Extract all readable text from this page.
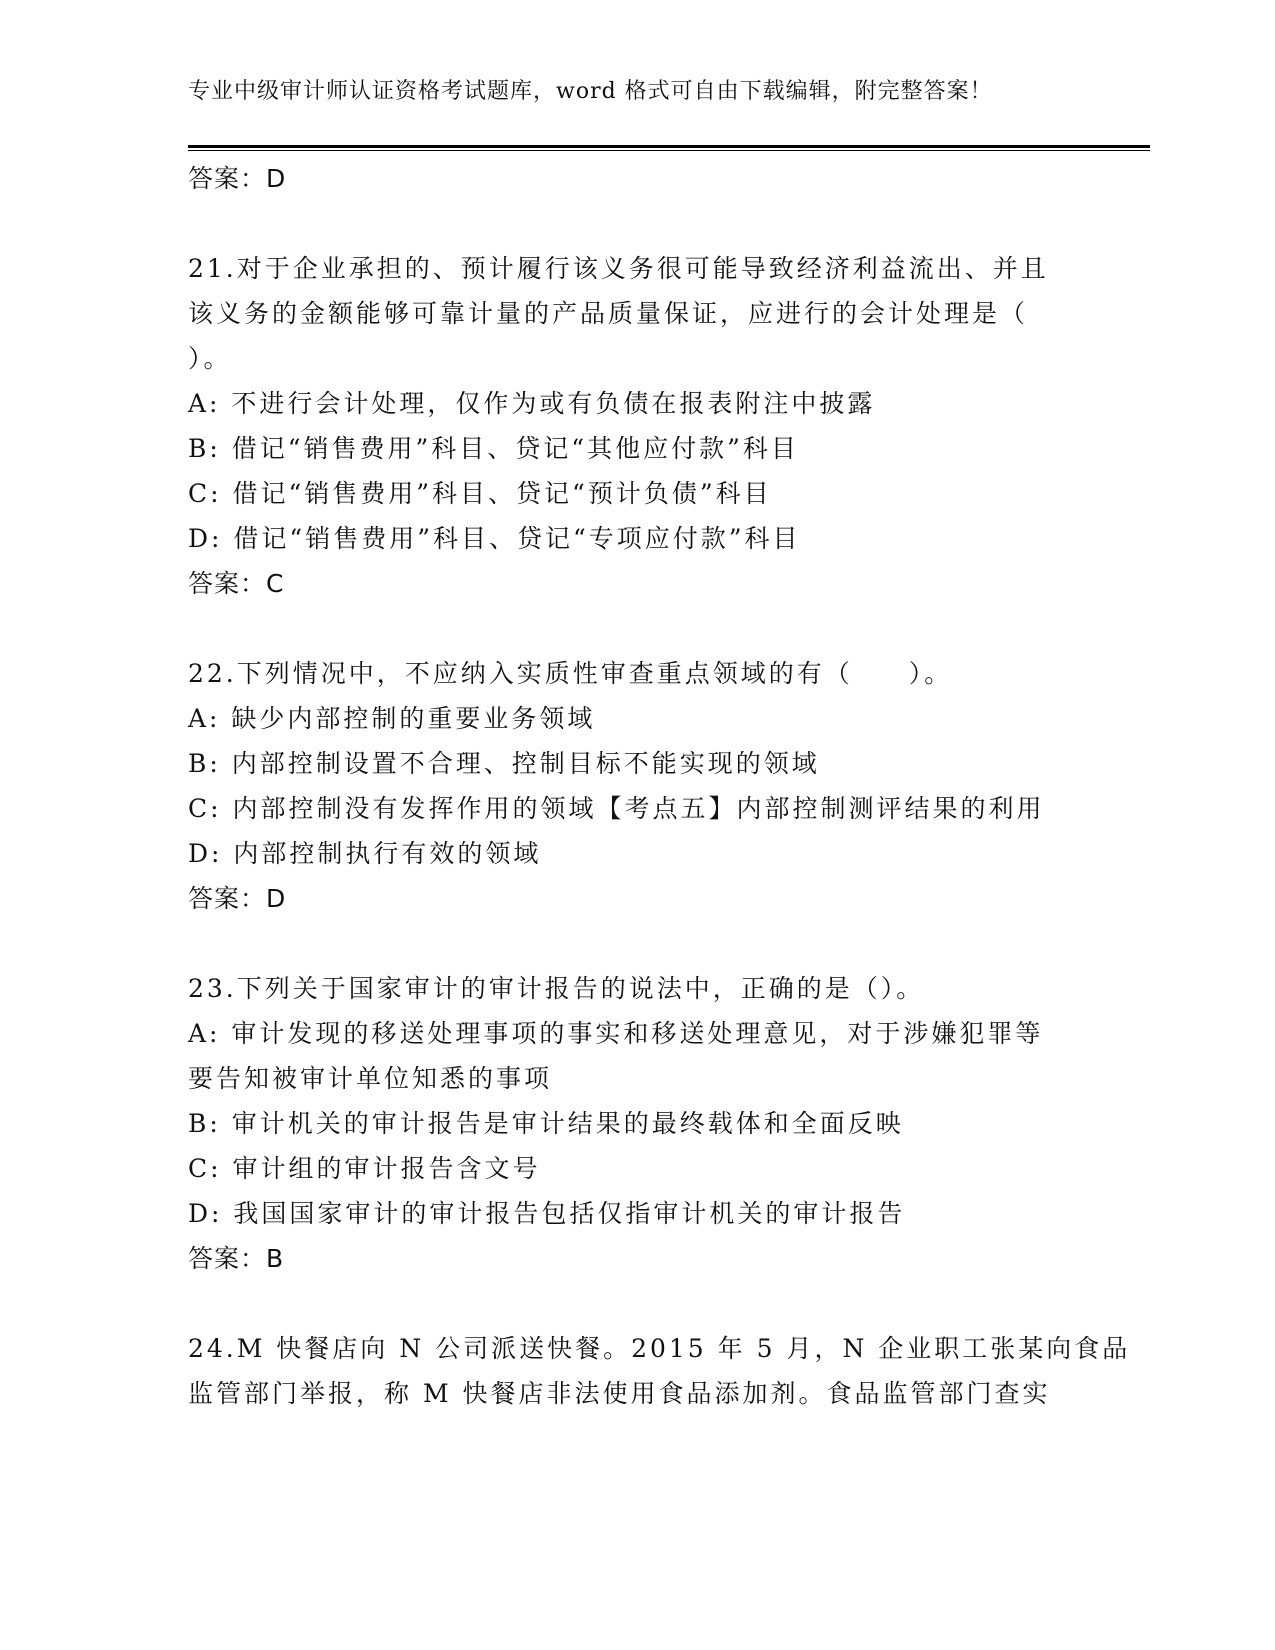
专业中级审计师认证资格考试题库，word 格式可自由下载编辑，附完整答案！
答案：D
21.对于企业承担的、预计履行该义务很可能导致经济利益流出、并且
该义务的金额能够可靠计量的产品质量保证，应进行的会计处理是（
）。
A: 不进行会计处理，仅作为或有负债在报表附注中披露
B: 借记“销售费用”科目、贷记“其他应付款”科目
C: 借记“销售费用”科目、贷记“预计负债”科目
D: 借记“销售费用”科目、贷记“专项应付款”科目
答案：C
22.下列情况中，不应纳入实质性审查重点领域的有（　　）。
A: 缺少内部控制的重要业务领域
B: 内部控制设置不合理、控制目标不能实现的领域
C: 内部控制没有发挥作用的领域【考点五】内部控制测评结果的利用
D: 内部控制执行有效的领域
答案：D
23.下列关于国家审计的审计报告的说法中，正确的是（）。
A: 审计发现的移送处理事项的事实和移送处理意见，对于涉嫌犯罪等
要告知被审计单位知悉的事项
B: 审计机关的审计报告是审计结果的最终载体和全面反映
C: 审计组的审计报告含文号
D: 我国国家审计的审计报告包括仅指审计机关的审计报告
答案：B
24.M 快餐店向 N 公司派送快餐。2015 年 5 月，N 企业职工张某向食品
监管部门举报，称 M 快餐店非法使用食品添加剂。食品监管部门查实
